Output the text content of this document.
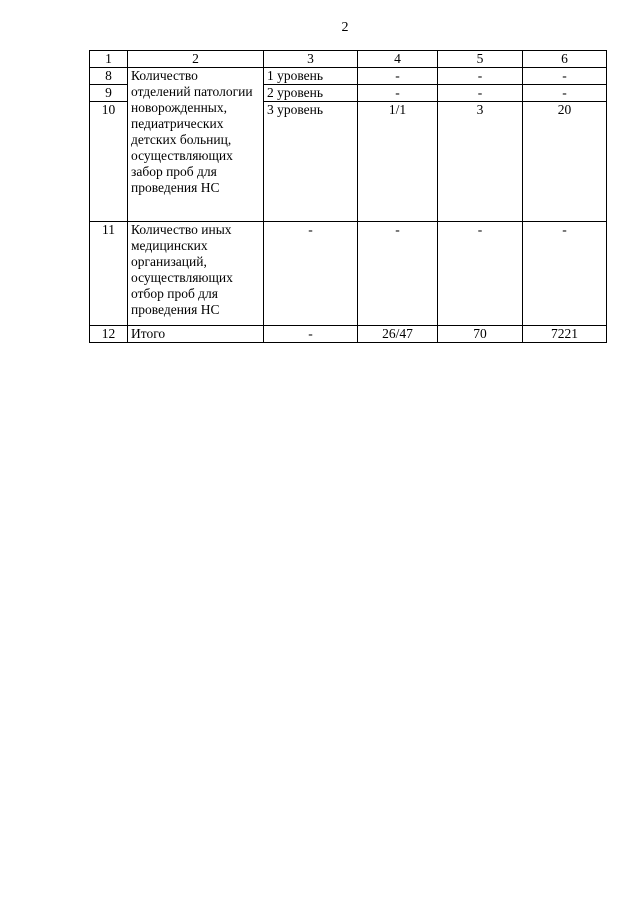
2
1	2	3	4	5	6
8	Количество отделений патологии новорожденных, педиатрических детских больниц, осуществляющих забор проб для проведения НС	1 уровень	-	-	-
9		2 уровень	-	-	-
10		3 уровень	1/1	3	20
11	Количество иных медицинских организаций, осуществляющих отбор проб для проведения НС	-	-	-	-
12	Итого	-	26/47	70	7221
